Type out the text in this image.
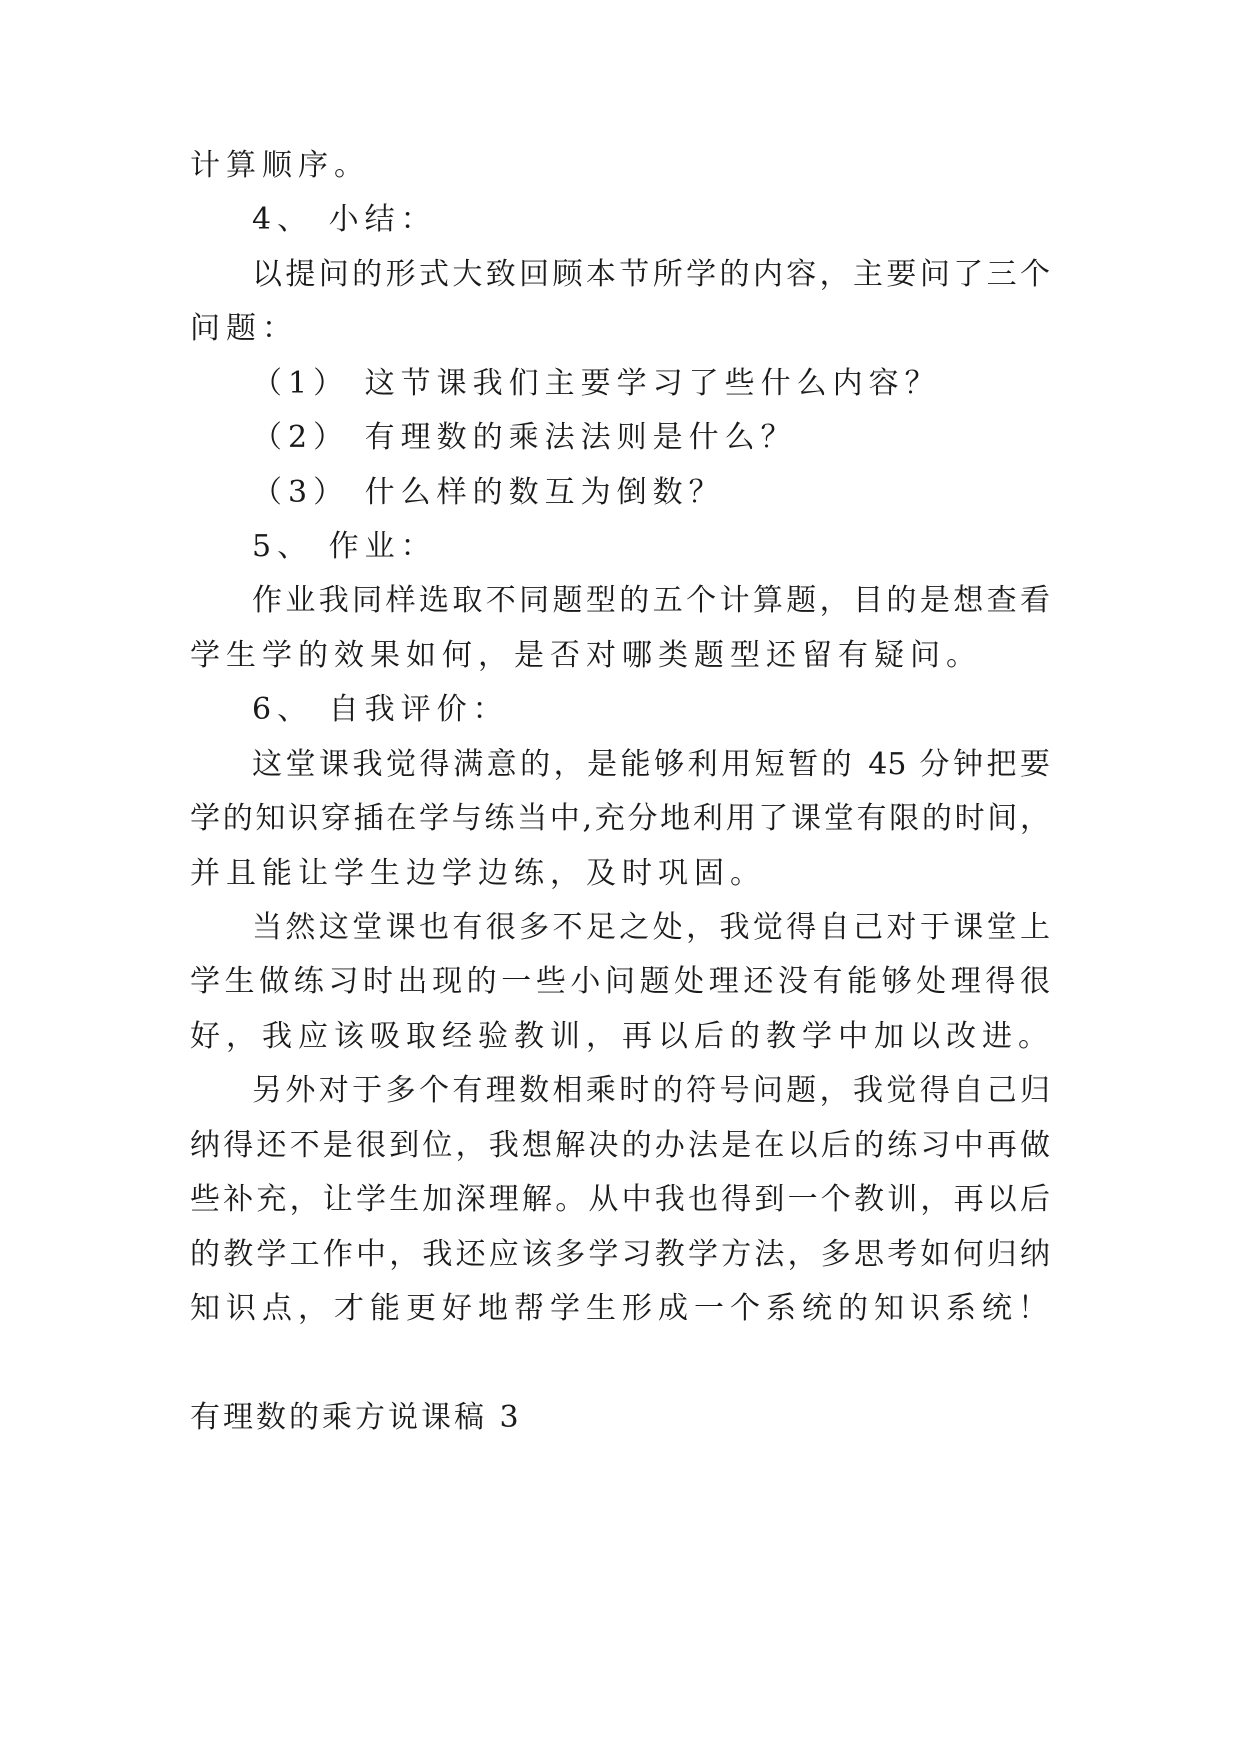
计算顺序。
4、 小结：
以提问的形式大致回顾本节所学的内容，主要问了三个
问题：
（1） 这节课我们主要学习了些什么内容？
（2） 有理数的乘法法则是什么？
（3） 什么样的数互为倒数？
5、 作业：
作业我同样选取不同题型的五个计算题，目的是想查看
学生学的效果如何，是否对哪类题型还留有疑问。
6、 自我评价：
这堂课我觉得满意的，是能够利用短暂的 45 分钟把要
学的知识穿插在学与练当中,充分地利用了课堂有限的时间，
并且能让学生边学边练，及时巩固。
当然这堂课也有很多不足之处，我觉得自己对于课堂上
学生做练习时出现的一些小问题处理还没有能够处理得很
好，我应该吸取经验教训，再以后的教学中加以改进。
另外对于多个有理数相乘时的符号问题，我觉得自己归
纳得还不是很到位，我想解决的办法是在以后的练习中再做
些补充，让学生加深理解。从中我也得到一个教训，再以后
的教学工作中，我还应该多学习教学方法，多思考如何归纳
知识点，才能更好地帮学生形成一个系统的知识系统！
有理数的乘方说课稿 3
